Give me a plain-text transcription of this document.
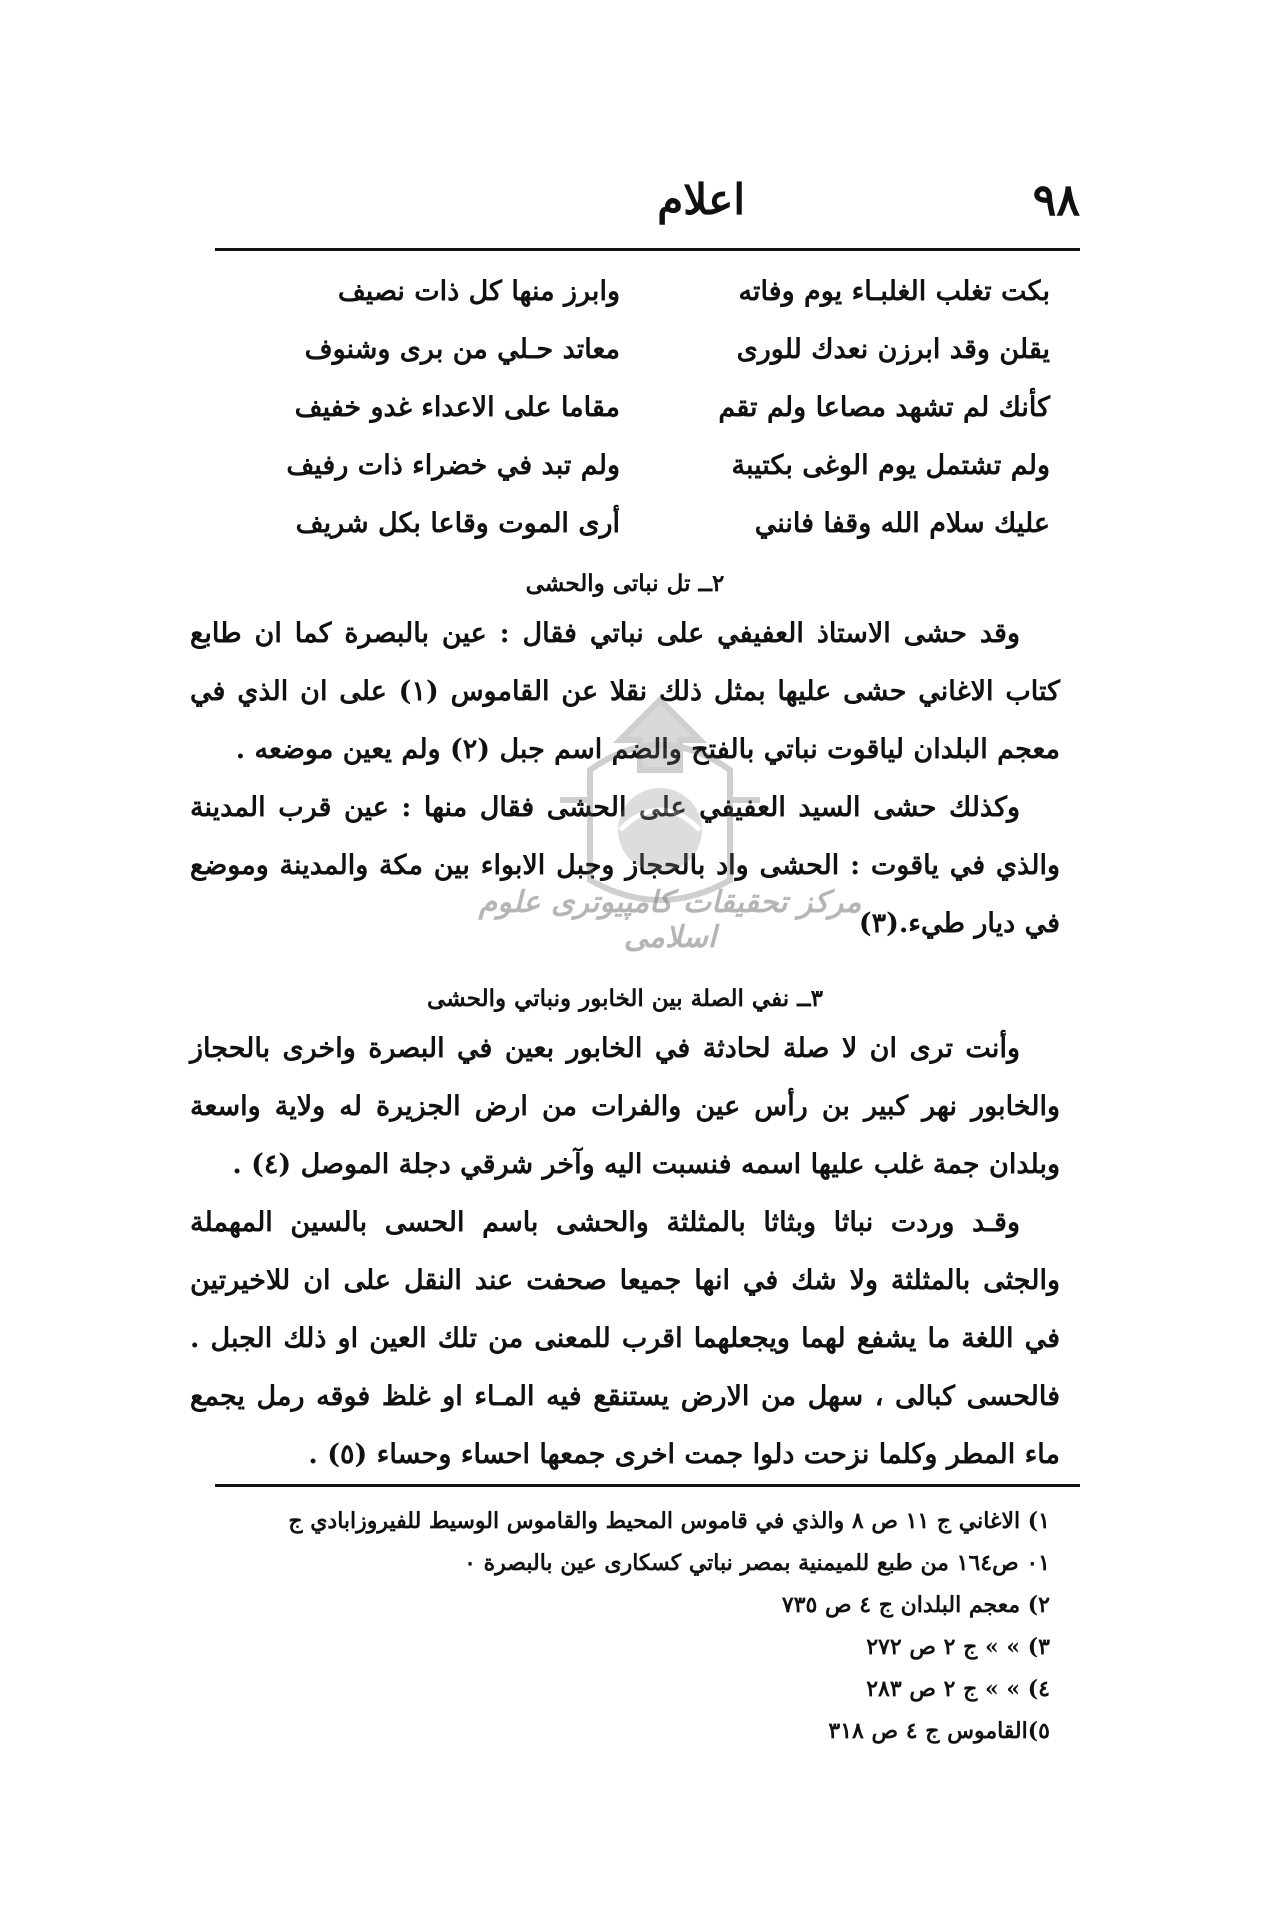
٩٨
اعلام
بكت تغلب الغلبـاء يوم وفاته
وابرز منها كل ذات نصيف
يقلن وقد ابرزن نعدك للورى
معاتد حـلي من برى وشنوف
كأنك لم تشهد مصاعا ولم تقم
مقاما على الاعداء غدو خفيف
ولم تشتمل يوم الوغى بكتيبة
ولم تبد في خضراء ذات رفيف
عليك سلام الله وقفا فانني
أرى الموت وقاعا بكل شريف
٢ــ تل نباتى والحشى

وقد حشى الاستاذ العفيفي على نباتي فقال : عين بالبصرة كما ان طابع كتاب الاغاني حشى عليها بمثل ذلك نقلا عن القاموس (١) على ان الذي في معجم البلدان لياقوت نباتي بالفتح والضم اسم جبل (٢) ولم يعين موضعه .

وكذلك حشى السيد العفيفي على الحشى فقال منها : عين قرب المدينة والذي في ياقوت : الحشى واد بالحجاز وجبل الابواء بين مكة والمدينة وموضع في ديار طيء.(٣)

٣ــ نفي الصلة بين الخابور ونباتي والحشى

وأنت ترى ان لا صلة لحادثة في الخابور بعين في البصرة واخرى بالحجاز والخابور نهر كبير بن رأس عين والفرات من ارض الجزيرة له ولاية واسعة وبلدان جمة غلب عليها اسمه فنسبت اليه وآخر شرقي دجلة الموصل (٤) .

وقـد وردت نباثا وبثاثا بالمثلثة والحشى باسم الحسى بالسين المهملة والجثى بالمثلثة ولا شك في انها جميعا صحفت عند النقل على ان للاخيرتين في اللغة ما يشفع لهما ويجعلهما اقرب للمعنى من تلك العين او ذلك الجبل . فالحسى كبالى ، سهل من الارض يستنقع فيه المـاء او غلظ فوقه رمل يجمع ماء المطر وكلما نزحت دلوا جمت اخرى جمعها احساء وحساء (٥) .

١) الاغاني ج ١١ ص ٨ والذي في قاموس المحيط والقاموس الوسيط للفيروزابادي ج
٠١ ص١٦٤ من طبع للميمنية بمصر نباتي كسكارى عين بالبصرة ٠
٢) معجم البلدان ج ٤ ص ٧٣٥
٣) » » ج ٢ ص ٢٧٢
٤) » » ج ٢ ص ٢٨٣
٥)القاموس ج ٤ ص ٣١٨
مركز تحقيقات كامپيوتری علوم اسلامی
